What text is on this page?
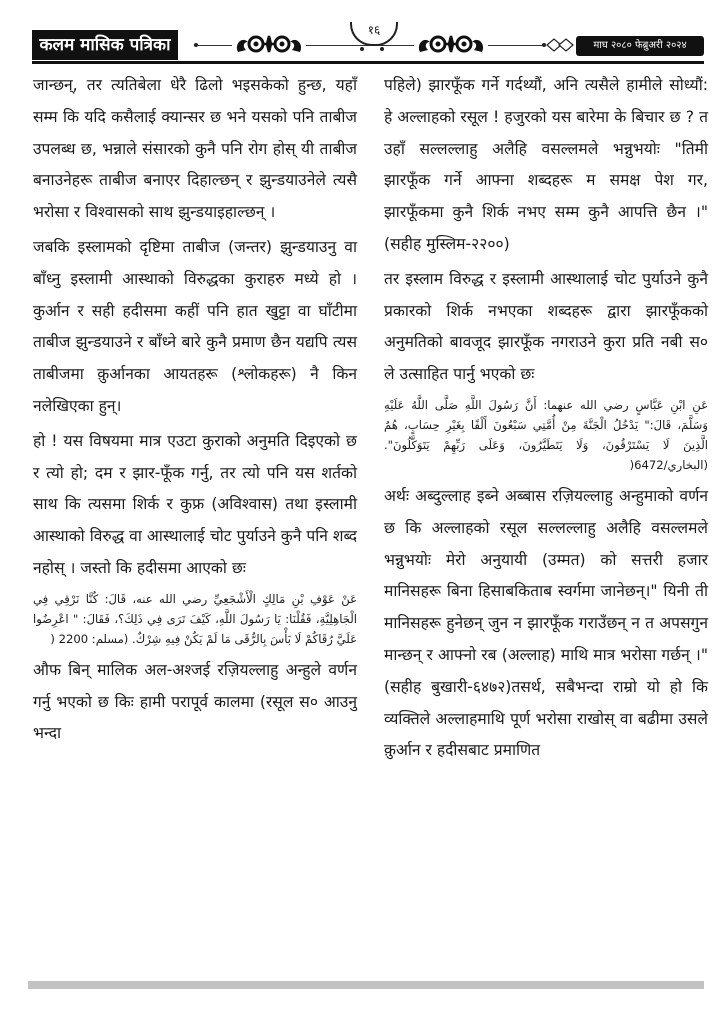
कलम मासिक पत्रिका
१६
माघ २०८० फेब्रुअरी २०२४

जान्छन्, तर त्यतिबेला धेरै ढिलो भइसकेको हुन्छ, यहाँ सम्म कि यदि कसैलाई क्यान्सर छ भने यसको पनि ताबीज उपलब्ध छ, भन्नाले संसारको कुनै पनि रोग होस् यी ताबीज बनाउनेहरू ताबीज बनाएर दिहाल्छन् र झुन्डयाउनेले त्यसै भरोसा र विश्वासको साथ झुन्डयाइहाल्छन् ।

जबकि इस्लामको दृष्टिमा ताबीज (जन्तर) झुन्डयाउनु वा बाँध्नु इस्लामी आस्थाको विरुद्धका कुराहरु मध्ये हो । कुर्आन र सही हदीसमा कहीं पनि हात खुट्टा वा घाँटीमा ताबीज झुन्डयाउने र बाँध्ने बारे कुनै प्रमाण छैन यद्यपि त्यस ताबीजमा क़ुर्आनका आयतहरू (श्लोकहरू) नै किन नलेखिएका हुन्।

हो ! यस विषयमा मात्र एउटा कुराको अनुमति दिइएको छ र त्यो हो; दम र झार-फूँक गर्नु, तर त्यो पनि यस शर्तको साथ कि त्यसमा शिर्क र कुफ्र (अविश्वास) तथा इस्लामी आस्थाको विरुद्ध वा आस्थालाई चोट पुर्याउने कुनै पनि शब्द नहोस् । जस्तो कि हदीसमा आएको छः

عَنْ عَوْفِ بْنِ مَالِكٍ الْأَشْجَعِيِّ رضي الله عنه، قَالَ: كُنَّا نَرْقِي فِي الْجَاهِلِيَّةِ، فَقُلْنَا: يَا رَسُولَ اللَّهِ، كَيْفَ تَرَى فِي ذَلِكَ؟، فَقَالَ: " اعْرِضُوا عَلَيَّ رُقَاكُمْ لَا بَأْسَ بِالرُّقَى مَا لَمْ يَكُنْ فِيهِ شِرْكٌ. (مسلم: 2200 (

औफ बिन् मालिक अल-अश्जई रज़ियल्लाहु अन्हुले वर्णन गर्नु भएको छ किः हामी परापूर्व कालमा (रसूल स० आउनु भन्दा

पहिले) झारफूँक गर्ने गर्दथ्यौं, अनि त्यसैले हामीले सोध्यौं: हे अल्लाहको रसूल ! हजुरको यस बारेमा के बिचार छ ? त उहाँ सल्लल्लाहु अलैहि वसल्लमले भन्नुभयोः "तिमी झारफूँक गर्ने आफ्ना शब्दहरू म समक्ष पेश गर, झारफूँकमा कुनै शिर्क नभए सम्म कुनै आपत्ति छैन ।" (सहीह मुस्लिम-२२००)

तर इस्लाम विरुद्ध र इस्लामी आस्थालाई चोट पुर्याउने कुनै प्रकारको शिर्क नभएका शब्दहरू द्वारा झारफूँकको अनुमतिको बावजूद झारफूँक नगराउने कुरा प्रति नबी स० ले उत्साहित पार्नु भएको छः

عَنِ ابْنِ عَبَّاسٍ رضي الله عنهما: أَنَّ رَسُولَ اللَّهِ صَلَّى اللَّهُ عَلَيْهِ وَسَلَّمَ، قَالَ:" يَدْخُلُ الْجَنَّةَ مِنْ أُمَّتِي سَبْعُونَ أَلْفًا بِغَيْرِ حِسَابٍ، هُمُ الَّذِينَ لَا يَسْتَرْقُونَ، وَلَا يَتَطَيَّرُونَ، وَعَلَى رَبِّهِمْ يَتَوَكَّلُونَ". (البخاري/6472(

अर्थः अब्दुल्लाह इब्ने अब्बास रज़ियल्लाहु अन्हुमाको वर्णन छ कि अल्लाहको रसूल सल्लल्लाहु अलैहि वसल्लमले भन्नुभयोः मेरो अनुयायी (उम्मत) को सत्तरी हजार मानिसहरू बिना हिसाबकिताब स्वर्गमा जानेछन्।" यिनी ती मानिसहरू हुनेछन् जुन न झारफूँक गराउँछन् न त अपसगुन मान्छन् र आफ्नो रब (अल्लाह) माथि मात्र भरोसा गर्छन् ।" (सहीह बुखारी-६४७२)तसर्थ, सबैभन्दा राम्रो यो हो कि व्यक्तिले अल्लाहमाथि पूर्ण भरोसा राखोस् वा बढीमा उसले क़ुर्आन र हदीसबाट प्रमाणित
